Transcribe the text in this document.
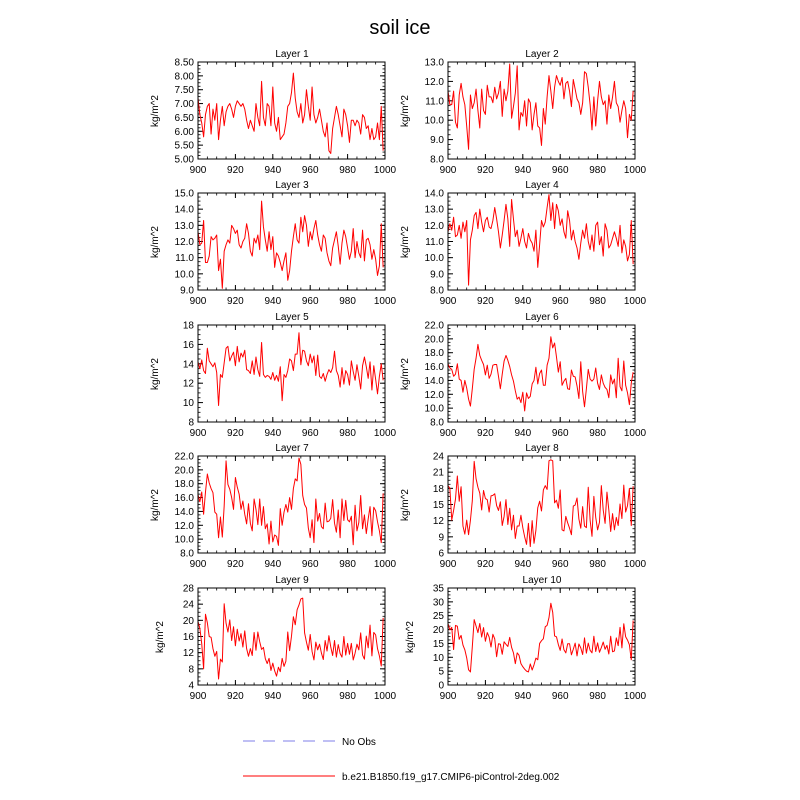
soil ice
Layer 1
kg/m^2
Layer 2
kg/m^2
Layer 3
kg/m^2
Layer 4
kg/m^2
Layer 5
kg/m^2
Layer 6
kg/m^2
Layer 7
kg/m^2
Layer 8
kg/m^2
Layer 9
kg/m^2
Layer 10
kg/m^2
900 920 940 960 980 1000
5.00
5.50
6.00
6.50
7.00
7.50
8.00
8.50
900 920 940 960 980 1000
8.0
9.0
10.0
11.0
12.0
13.0
900 920 940 960 980 1000
9.0
10.0
11.0
12.0
13.0
14.0
15.0
900 920 940 960 980 1000
8.0
9.0
10.0
11.0
12.0
13.0
14.0
900 920 940 960 980 1000
8
10
12
14
16
18
900 920 940 960 980 1000
8.0
10.0
12.0
14.0
16.0
18.0
20.0
22.0
900 920 940 960 980 1000
8.0
10.0
12.0
14.0
16.0
18.0
20.0
22.0
900 920 940 960 980 1000
6
9
12
15
18
21
24
900 920 940 960 980 1000
4
8
12
16
20
24
28
900 920 940 960 980 1000
0
5
10
15
20
25
30
35
No Obs
b.e21.B1850.f19_g17.CMIP6-piControl-2deg.002
